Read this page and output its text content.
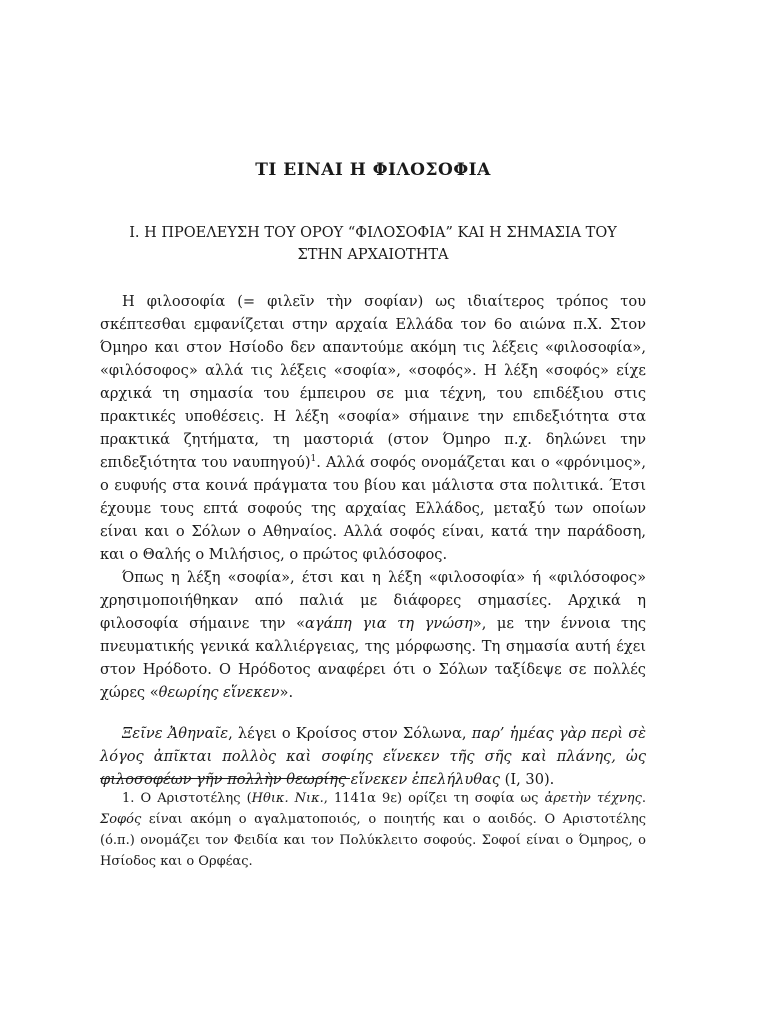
ΤΙ ΕΙΝΑΙ Η ΦΙΛΟΣΟΦΙΑ
Ι. Η ΠΡΟΕΛΕΥΣΗ ΤΟΥ ΟΡΟΥ “ΦΙΛΟΣΟΦΙΑ” ΚΑΙ Η ΣΗΜΑΣΙΑ ΤΟΥ
ΣΤΗΝ ΑΡΧΑΙΟΤΗΤΑ

Η φιλοσοφία (= φιλεῖν τὴν σοφίαν) ως ιδιαίτερος τρόπος του σκέπτεσθαι εμφανίζεται στην αρχαία Ελλάδα τον 6ο αιώνα π.Χ. Στον Όμηρο και στον Ησίοδο δεν απαντούμε ακόμη τις λέξεις «φιλοσοφία», «φιλόσοφος» αλλά τις λέξεις «σοφία», «σοφός». Η λέξη «σοφός» είχε αρχικά τη σημασία του έμπειρου σε μια τέχνη, του επιδέξιου στις πρακτικές υποθέσεις. Η λέξη «σοφία» σήμαινε την επιδεξιότητα στα πρακτικά ζητήματα, τη μαστοριά (στον Όμηρο π.χ. δηλώνει την επιδεξιότητα του ναυπηγού)$^1$. Αλλά σοφός ονομάζεται και ο «φρόνιμος», ο ευφυής στα κοινά πράγματα του βίου και μάλιστα στα πολιτικά. Έτσι έχουμε τους επτά σοφούς της αρχαίας Ελλάδος, μεταξύ των οποίων είναι και ο Σόλων ο Αθηναίος. Αλλά σοφός είναι, κατά την παράδοση, και ο Θαλής ο Μιλήσιος, ο πρώτος φιλόσοφος.

Όπως η λέξη «σοφία», έτσι και η λέξη «φιλοσοφία» ή «φιλόσοφος» χρησιμοποιήθηκαν από παλιά με διάφορες σημασίες. Αρχικά η φιλοσοφία σήμαινε την «αγάπη για τη γνώση», με την έννοια της πνευματικής γενικά καλλιέργειας, της μόρφωσης. Τη σημασία αυτή έχει στον Ηρόδοτο. Ο Ηρόδοτος αναφέρει ότι ο Σόλων ταξίδεψε σε πολλές χώρες «θεωρίης εἵνεκεν».

Ξεῖνε Ἀθηναῖε, λέγει ο Κροίσος στον Σόλωνα, παρ’ ἡμέας γὰρ περὶ σὲ λόγος ἀπῖκται πολλὸς καὶ σοφίης εἵνεκεν τῆς σῆς καὶ πλάνης, ὡς φιλοσοφέων γῆν πολλὴν θεωρίης εἵνεκεν ἐπελήλυθας (Ι, 30).

1. Ο Αριστοτέλης (Ηθικ. Νικ., 1141α 9ε) ορίζει τη σοφία ως ἀρετὴν τέχνης. Σοφός είναι ακόμη ο αγαλματοποιός, ο ποιητής και ο αοιδός. Ο Αριστοτέλης (ό.π.) ονομάζει τον Φειδία και τον Πολύκλειτο σοφούς. Σοφοί είναι ο Όμηρος, ο Ησίοδος και ο Ορφέας.
